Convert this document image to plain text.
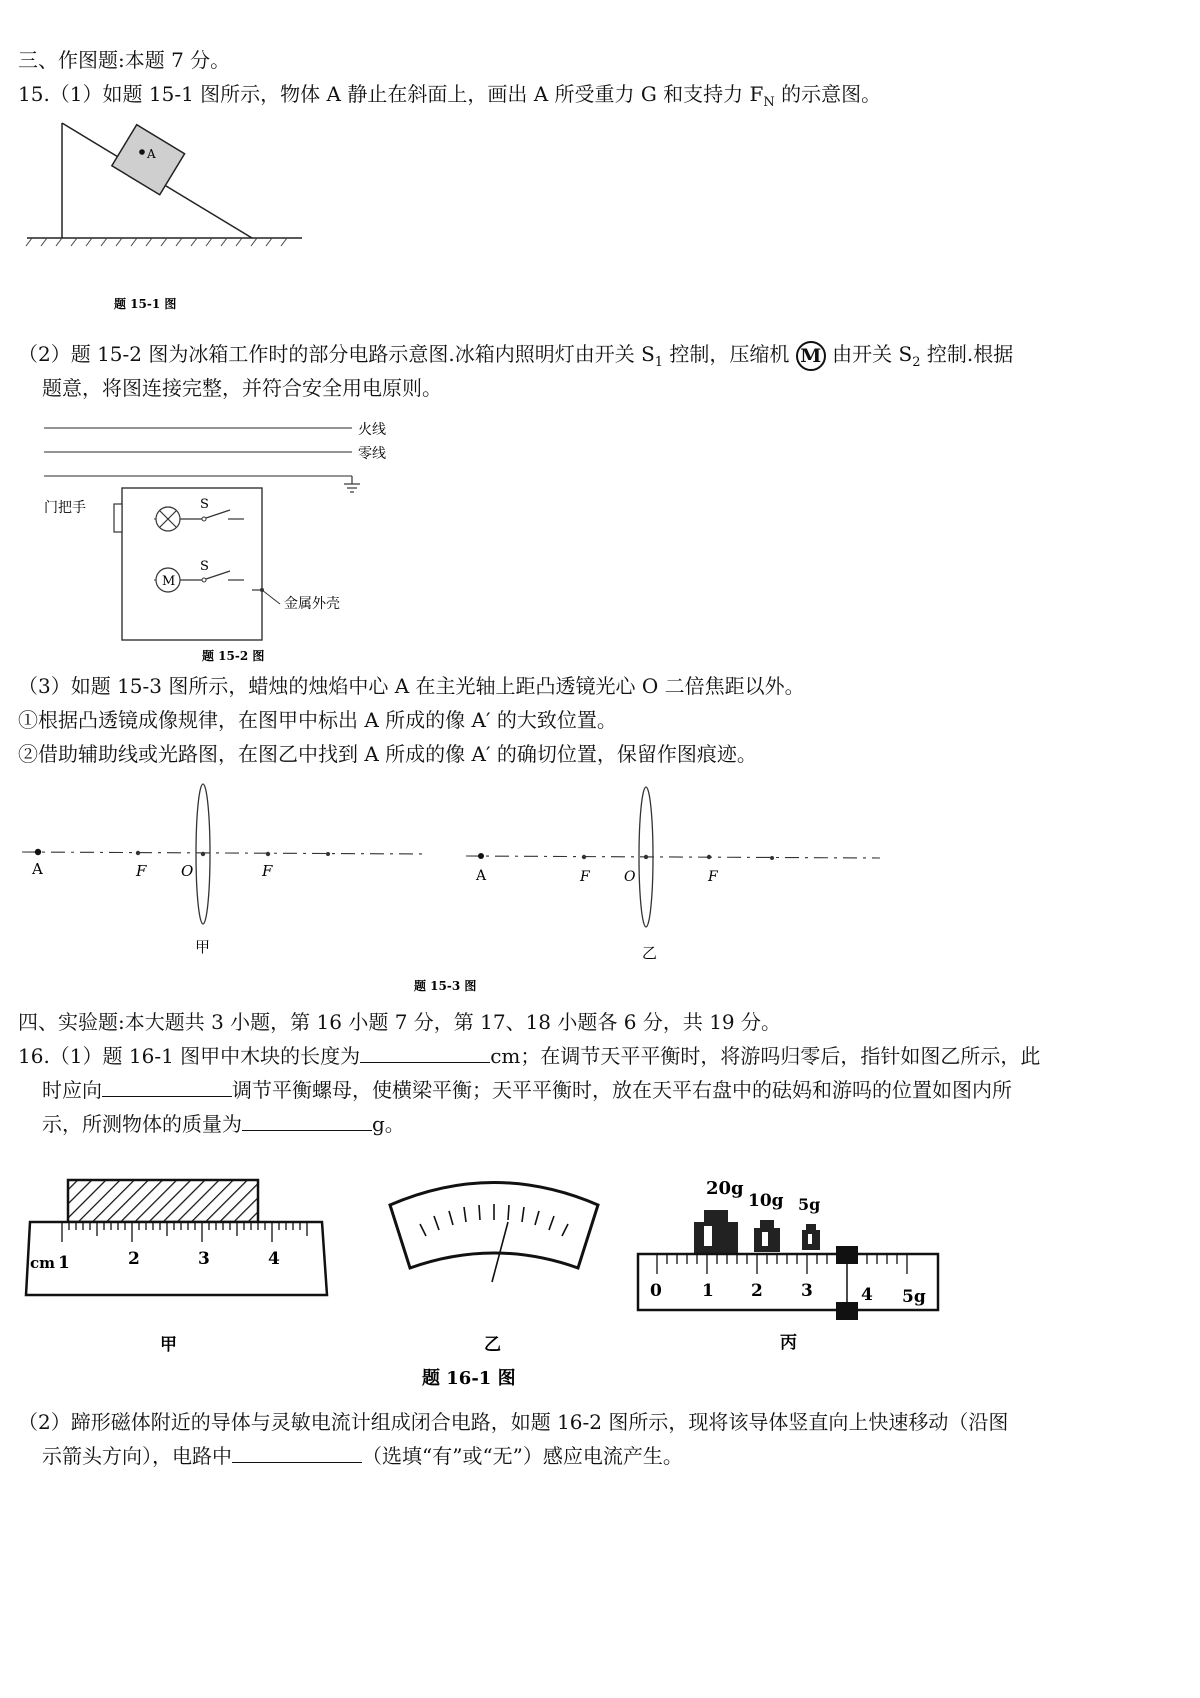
三、作图题:本题 7 分。
15.（1）如题 15-1 图所示，物体 A 静止在斜面上，画出 A 所受重力 G 和支持力 $F_N$ 的示意图。
A
题 15-1 图
（2）题 15-2 图为冰箱工作时的部分电路示意图.冰箱内照明灯由开关 $S_1$ 控制，压缩机 M 由开关 $S_2$ 控制.根据
题意，将图连接完整，并符合安全用电原则。
火线
零线
门把手	S
M
S
金属外壳
题 15-2 图
（3）如题 15-3 图所示，蜡烛的烛焰中心 A 在主光轴上距凸透镜光心 O 二倍焦距以外。
①根据凸透镜成像规律，在图甲中标出 A 所成的像 A′ 的大致位置。
②借助辅助线或光路图，在图乙中找到 A 所成的像 A′ 的确切位置，保留作图痕迹。
A	F O	F
甲
A	F O	F
乙
题 15-3 图
四、实验题:本大题共 3 小题，第 16 小题 7 分，第 17、18 小题各 6 分，共 19 分。
16.（1）题 16-1 图甲中木块的长度为	cm；在调节天平平衡时，将游吗归零后，指针如图乙所示，此
时应向	调节平衡螺母，使横梁平衡；天平平衡时，放在天平右盘中的砝妈和游吗的位置如图内所
示，所测物体的质量为	g。
cm 1	2	3	4
甲	乙
20g
10g 5g
0 1 2 3	4 5g
丙
题 16-1 图
（2）蹄形磁体附近的导体与灵敏电流计组成闭合电路，如题 16-2 图所示，现将该导体竖直向上快速移动（沿图
示箭头方向），电路中	（选填“有”或“无”）感应电流产生。
